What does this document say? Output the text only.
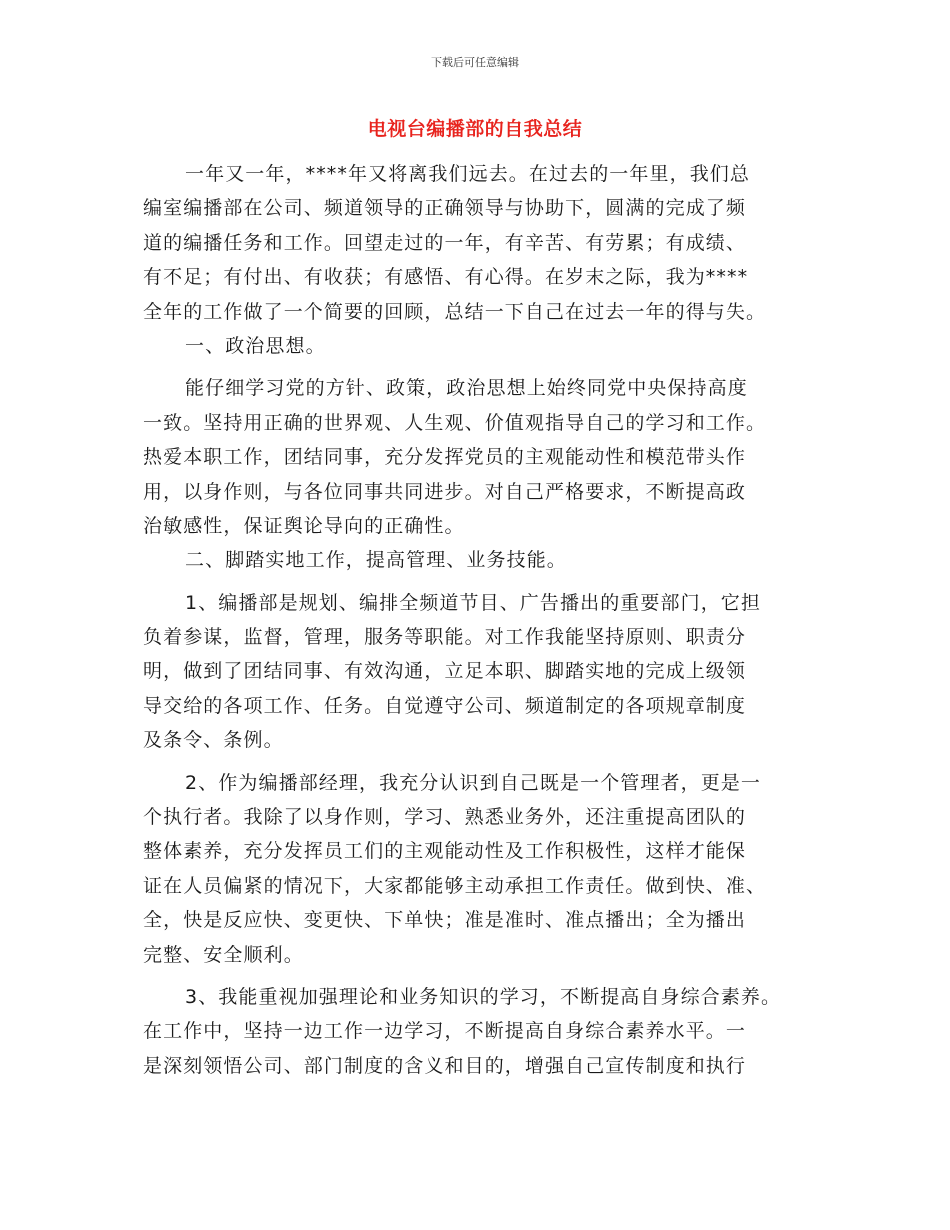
下载后可任意编辑
电视台编播部的自我总结
一年又一年，****年又将离我们远去。在过去的一年里，我们总
编室编播部在公司、频道领导的正确领导与协助下，圆满的完成了频
道的编播任务和工作。回望走过的一年，有辛苦、有劳累；有成绩、
有不足；有付出、有收获；有感悟、有心得。在岁末之际，我为****
全年的工作做了一个简要的回顾，总结一下自己在过去一年的得与失。
一、政治思想。
能仔细学习党的方针、政策，政治思想上始终同党中央保持高度
一致。坚持用正确的世界观、人生观、价值观指导自己的学习和工作。
热爱本职工作，团结同事，充分发挥党员的主观能动性和模范带头作
用，以身作则，与各位同事共同进步。对自己严格要求，不断提高政
治敏感性，保证舆论导向的正确性。
二、脚踏实地工作，提高管理、业务技能。
1、编播部是规划、编排全频道节目、广告播出的重要部门，它担
负着参谋，监督，管理，服务等职能。对工作我能坚持原则、职责分
明，做到了团结同事、有效沟通，立足本职、脚踏实地的完成上级领
导交给的各项工作、任务。自觉遵守公司、频道制定的各项规章制度
及条令、条例。
2、作为编播部经理，我充分认识到自己既是一个管理者，更是一
个执行者。我除了以身作则，学习、熟悉业务外，还注重提高团队的
整体素养，充分发挥员工们的主观能动性及工作积极性，这样才能保
证在人员偏紧的情况下，大家都能够主动承担工作责任。做到快、准、
全，快是反应快、变更快、下单快；准是准时、准点播出；全为播出
完整、安全顺利。
3、我能重视加强理论和业务知识的学习，不断提高自身综合素养。
在工作中，坚持一边工作一边学习，不断提高自身综合素养水平。一
是深刻领悟公司、部门制度的含义和目的，增强自己宣传制度和执行
